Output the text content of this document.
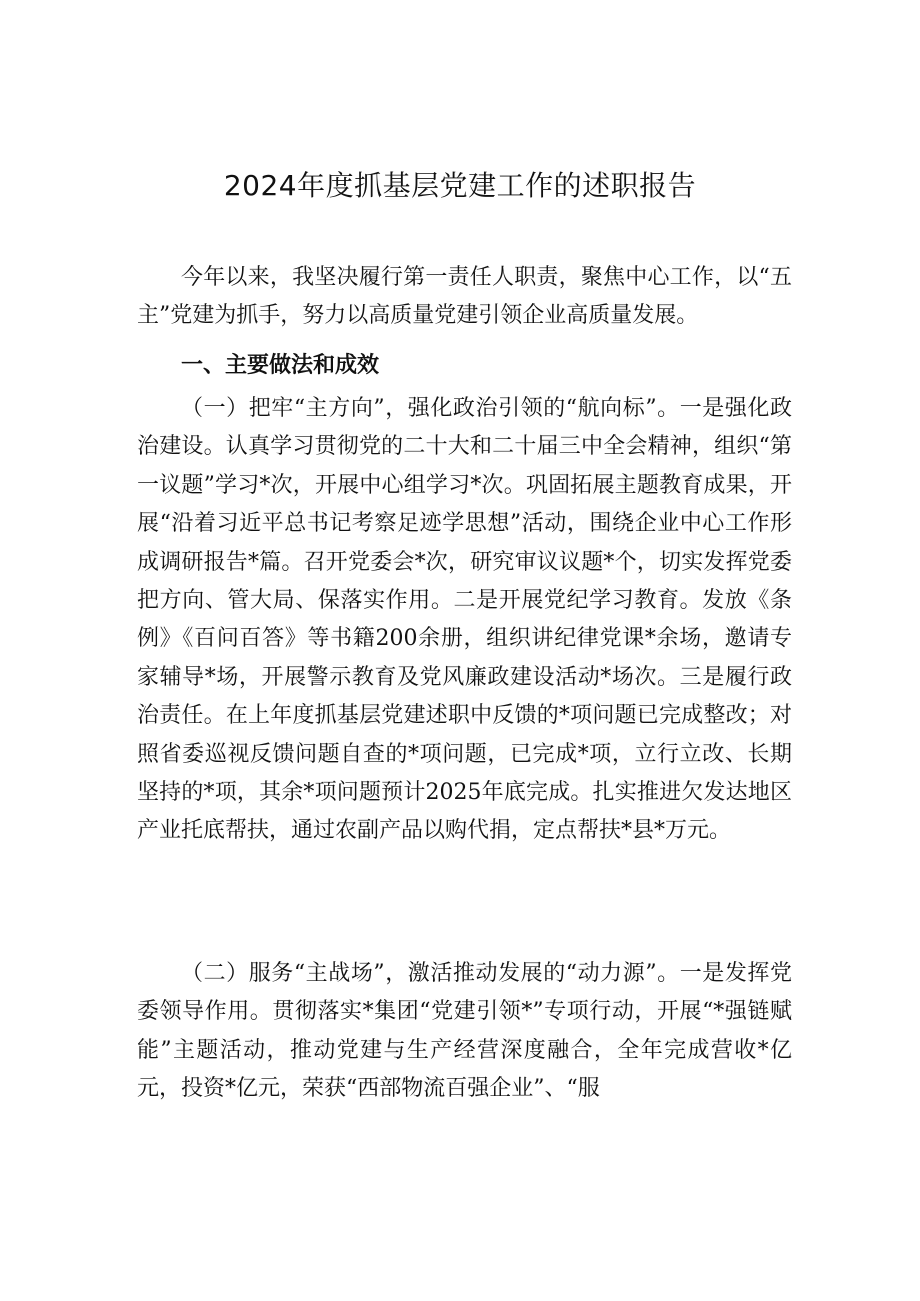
2024年度抓基层党建工作的述职报告

今年以来，我坚决履行第一责任人职责，聚焦中心工作，以“五主”党建为抓手，努力以高质量党建引领企业高质量发展。

一、主要做法和成效

（一）把牢“主方向”，强化政治引领的“航向标”。一是强化政治建设。认真学习贯彻党的二十大和二十届三中全会精神，组织“第一议题”学习*次，开展中心组学习*次。巩固拓展主题教育成果，开展“沿着习近平总书记考察足迹学思想”活动，围绕企业中心工作形成调研报告*篇。召开党委会*次，研究审议议题*个，切实发挥党委把方向、管大局、保落实作用。二是开展党纪学习教育。发放《条例》《百问百答》等书籍200余册，组织讲纪律党课*余场，邀请专家辅导*场，开展警示教育及党风廉政建设活动*场次。三是履行政治责任。在上年度抓基层党建述职中反馈的*项问题已完成整改；对照省委巡视反馈问题自查的*项问题，已完成*项，立行立改、长期坚持的*项，其余*项问题预计2025年底完成。扎实推进欠发达地区产业托底帮扶，通过农副产品以购代捐，定点帮扶*县*万元。

（二）服务“主战场”，激活推动发展的“动力源”。一是发挥党委领导作用。贯彻落实*集团“党建引领*”专项行动，开展“*强链赋能”主题活动，推动党建与生产经营深度融合，全年完成营收*亿元，投资*亿元，荣获“西部物流百强企业”、“服
